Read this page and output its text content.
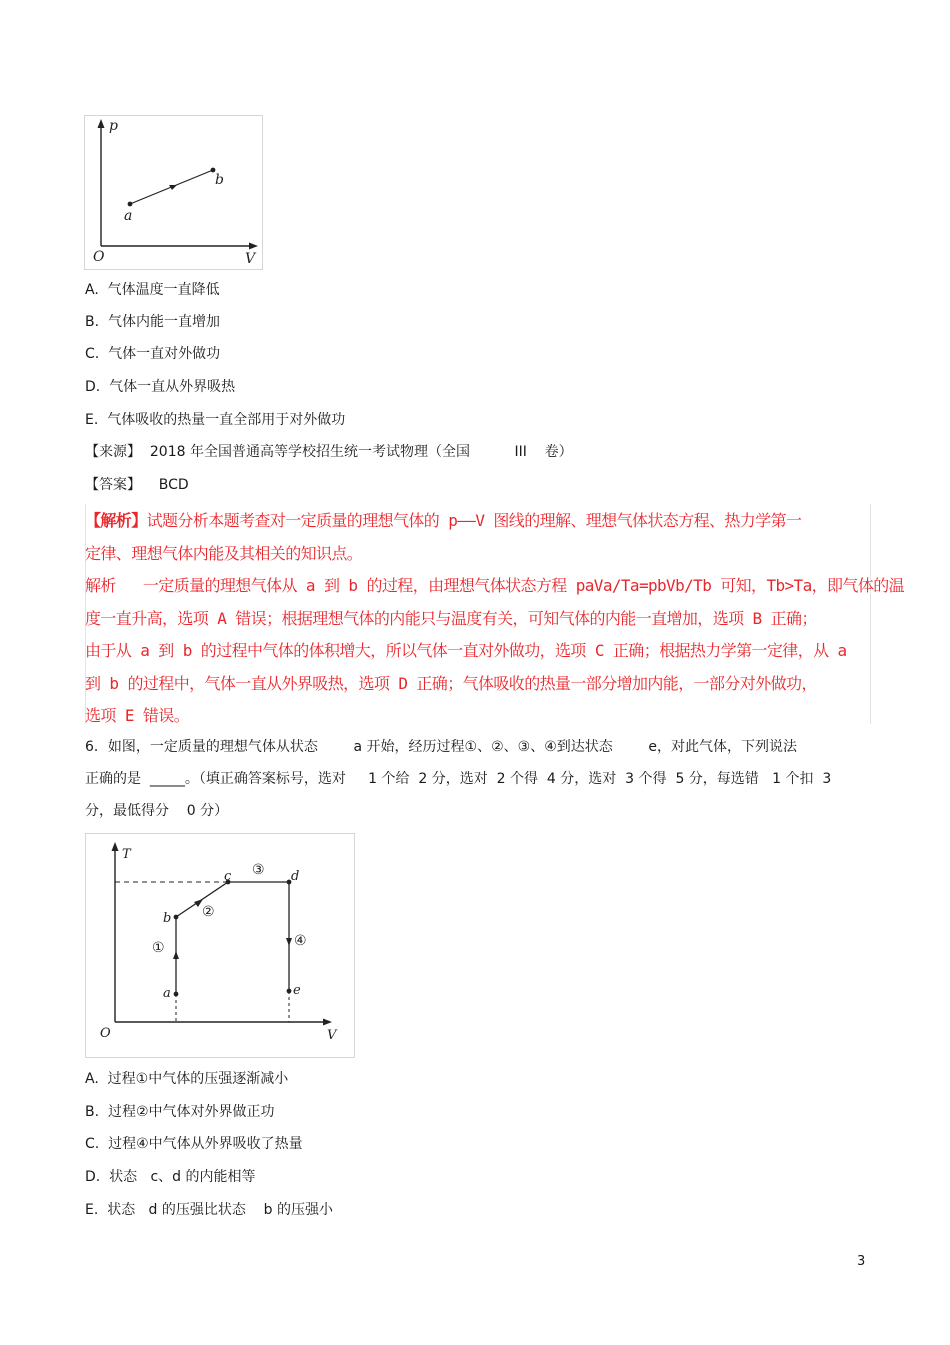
p
V
O
a
b
A.  气体温度一直降低
B.  气体内能一直增加
C.  气体一直对外做功
D.  气体一直从外界吸热
E.  气体吸收的热量一直全部用于对外做功
【来源】  2018 年全国普通高等学校招生统一考试物理（全国          III    卷）
【答案】    BCD
【解析】试题分析本题考查对一定质量的理想气体的 p——V 图线的理解、理想气体状态方程、热力学第一
定律、理想气体内能及其相关的知识点。
解析   一定质量的理想气体从 a 到 b 的过程，由理想气体状态方程 paVa/Ta=pbVb/Tb 可知，Tb>Ta，即气体的温
度一直升高，选项 A 错误；根据理想气体的内能只与温度有关，可知气体的内能一直增加，选项 B 正确；
由于从 a 到 b 的过程中气体的体积增大，所以气体一直对外做功，选项 C 正确；根据热力学第一定律，从 a
到 b 的过程中，气体一直从外界吸热，选项 D 正确；气体吸收的热量一部分增加内能，一部分对外做功，
选项 E 错误。
6．如图，一定质量的理想气体从状态        a 开始，经历过程①、②、③、④到达状态        e，对此气体，下列说法
正确的是  _____。（填正确答案标号，选对     1 个给  2 分，选对  2 个得  4 分，选对  3 个得  5 分，每选错   1 个扣  3
分，最低得分    0 分）
T
V
O
a
b
c	d
e
①
②
③
④
A.  过程①中气体的压强逐渐减小
B.  过程②中气体对外界做正功
C.  过程④中气体从外界吸收了热量
D.  状态   c、d 的内能相等
E.  状态   d 的压强比状态    b 的压强小
3
